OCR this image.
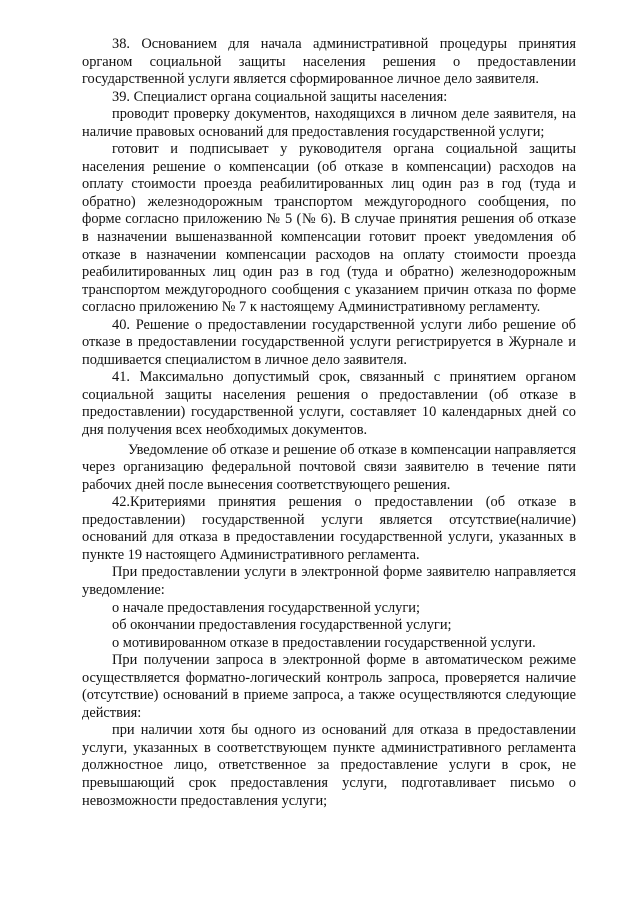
38. Основанием для начала административной процедуры принятия органом социальной защиты населения решения о предоставлении государственной услуги является сформированное личное дело заявителя.

39. Специалист органа социальной защиты населения:

проводит проверку документов, находящихся в личном деле заявителя, на наличие правовых оснований для предоставления государственной услуги;

готовит и подписывает у руководителя органа социальной защиты населения решение о компенсации (об отказе в компенсации) расходов на оплату стоимости проезда реабилитированных лиц один раз в год (туда и обратно) железнодорожным транспортом междугородного сообщения, по форме согласно приложению № 5 (№ 6). В случае принятия решения об отказе в назначении вышеназванной компенсации готовит проект уведомления об отказе в назначении компенсации расходов на оплату стоимости проезда реабилитированных лиц один раз в год (туда и обратно) железнодорожным транспортом междугородного сообщения с указанием причин отказа по форме согласно приложению № 7 к настоящему Административному регламенту.

40. Решение о предоставлении государственной услуги либо решение об отказе в предоставлении государственной услуги регистрируется в Журнале и подшивается специалистом в личное дело заявителя.

41. Максимально допустимый срок, связанный с принятием органом социальной защиты населения решения о предоставлении (об отказе в предоставлении) государственной услуги, составляет 10 календарных дней со дня получения всех необходимых документов.

Уведомление об отказе и решение об отказе в компенсации направляется через организацию федеральной почтовой связи заявителю в течение пяти рабочих дней после вынесения соответствующего решения.

42.Критериями принятия решения о предоставлении (об отказе в предоставлении) государственной услуги является отсутствие(наличие) оснований для отказа в предоставлении государственной услуги, указанных в пункте 19 настоящего Административного регламента.

При предоставлении услуги в электронной форме заявителю направляется уведомление:

о начале предоставления государственной услуги;

об окончании предоставления государственной услуги;

о мотивированном отказе в предоставлении государственной услуги.

При получении запроса в электронной форме в автоматическом режиме осуществляется форматно-логический контроль запроса, проверяется наличие (отсутствие) оснований в приеме запроса, а также осуществляются следующие действия:

при наличии хотя бы одного из оснований для отказа в предоставлении услуги, указанных в соответствующем пункте административного регламента должностное лицо, ответственное за предоставление услуги в срок, не превышающий срок предоставления услуги, подготавливает письмо о невозможности предоставления услуги;
